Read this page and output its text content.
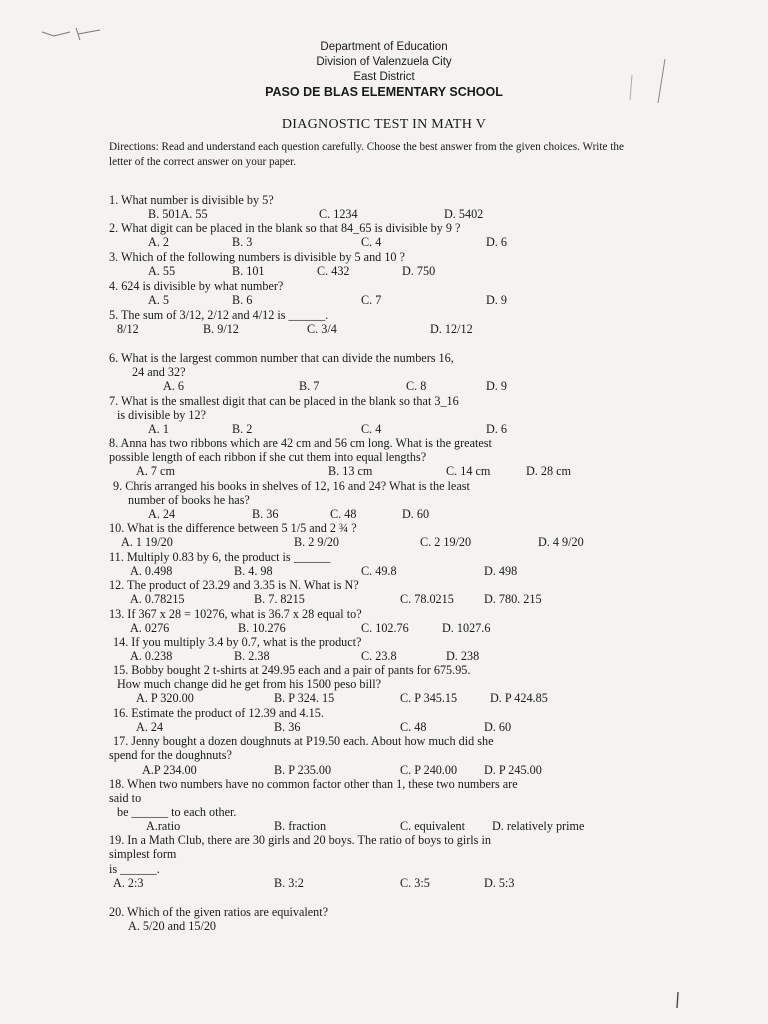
Department of Education
Division of Valenzuela City
East District
PASO DE BLAS ELEMENTARY SCHOOL
DIAGNOSTIC TEST IN MATH V
Directions: Read and understand each question carefully. Choose the best answer from the given choices. Write the letter of the correct answer on your paper.
1. What number is divisible by 5?
B. 501A. 55	C. 1234	D. 5402
2. What digit can be placed in the blank so that 84_65 is divisible by 9 ?
A. 2	B. 3	C. 4	D. 6
3. Which of the following numbers is divisible by 5 and 10 ?
A. 55	B. 101	C. 432	D. 750
4. 624 is divisible by what number?
A. 5	B. 6	C. 7	D. 9
5. The sum of 3/12, 2/12 and 4/12 is ______.
8/12	B. 9/12	C. 3/4	D. 12/12
6. What is the largest common number that can divide the numbers 16,
24 and 32?
A. 6	B. 7	C. 8	D. 9
7. What is the smallest digit that can be placed in the blank so that 3_16
is divisible by 12?
A. 1	B. 2	C. 4	D. 6
8. Anna has two ribbons which are 42 cm and 56 cm long. What is the greatest
possible length of each ribbon if she cut them into equal lengths?
A. 7 cm	B. 13 cm	C. 14 cm	D. 28 cm
9. Chris arranged his books in shelves of 12, 16 and 24? What is the least
number of books he has?
A. 24	B. 36	C. 48	D. 60
10. What is the difference between 5 1/5 and 2 ¾ ?
A. 1 19/20	B. 2 9/20	C. 2 19/20	D. 4 9/20
11. Multiply 0.83 by 6, the product is ______
A. 0.498	B. 4. 98	C. 49.8	D. 498
12. The product of 23.29 and 3.35 is N. What is N?
A. 0.78215	B. 7. 8215	C. 78.0215 D. 780. 215
13. If 367 x 28 = 10276, what is 36.7 x 28 equal to?
A. 0276	B. 10.276	C. 102.76	D. 1027.6
14. If you multiply 3.4 by 0.7, what is the product?
A. 0.238	B. 2.38	C. 23.8	D. 238
15. Bobby bought 2 t-shirts at 249.95 each and a pair of pants for 675.95.
How much change did he get from his 1500 peso bill?
A. P 320.00	B. P 324. 15	C. P 345.15	D. P 424.85
16. Estimate the product of 12.39 and 4.15.
A. 24	B. 36	C. 48	D. 60
17. Jenny bought a dozen doughnuts at P19.50 each. About how much did she
spend for the doughnuts?
A.P 234.00	B. P 235.00	C. P 240.00 D. P 245.00
18. When two numbers have no common factor other than 1, these two numbers are
said to
be ______ to each other.
A.ratio	B. fraction	C. equivalent D. relatively prime
19. In a Math Club, there are 30 girls and 20 boys. The ratio of boys to girls in
simplest form
is ______.
A. 2:3	B. 3:2	C. 3:5	D. 5:3
20. Which of the given ratios are equivalent?
A. 5/20 and 15/20
